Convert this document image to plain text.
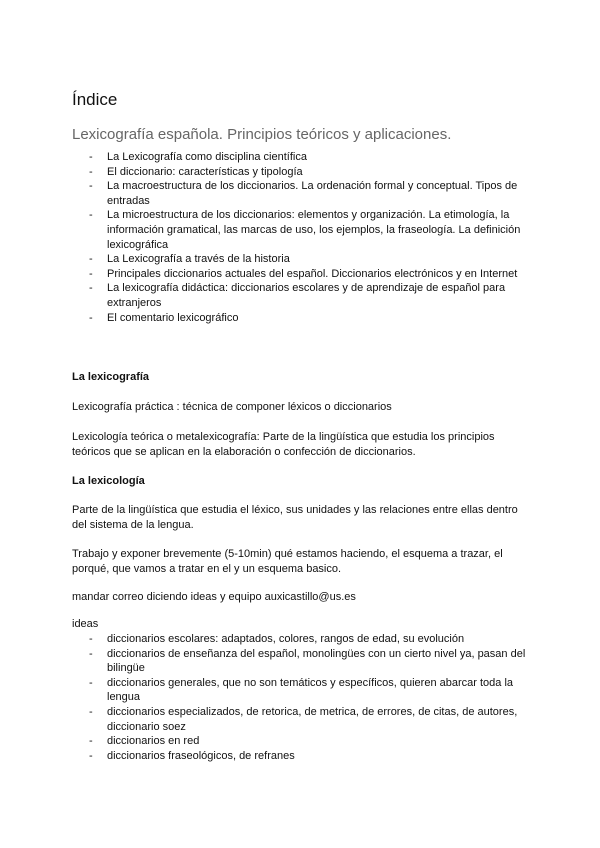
Índice
Lexicografía española. Principios teóricos y aplicaciones.
- La Lexicografía como disciplina científica
- El diccionario: características y tipología
- La macroestructura de los diccionarios. La ordenación formal y conceptual. Tipos de entradas
- La microestructura de los diccionarios: elementos y organización. La etimología, la información gramatical, las marcas de uso, los ejemplos, la fraseología. La definición lexicográfica
- La Lexicografía a través de la historia
- Principales diccionarios actuales del español. Diccionarios electrónicos y en Internet
- La lexicografía didáctica: diccionarios escolares y de aprendizaje de español para extranjeros
- El comentario lexicográfico
La lexicografía
Lexicografía práctica : técnica de componer léxicos o diccionarios
Lexicología teórica o metalexicografía: Parte de la lingüística que estudia los principios teóricos que se aplican en la elaboración o confección de diccionarios.
La lexicología
Parte de la lingüística que estudia el léxico, sus unidades y las relaciones entre ellas dentro del sistema de la lengua.
Trabajo y exponer brevemente (5-10min) qué estamos haciendo, el esquema a trazar, el porqué, que vamos a tratar en el y un esquema basico.
mandar correo diciendo ideas y equipo auxicastillo@us.es
ideas
- diccionarios escolares: adaptados, colores, rangos de edad, su evolución
- diccionarios de enseñanza del español, monolingües con un cierto nivel ya, pasan del bilingüe
- diccionarios generales, que no son temáticos y específicos, quieren abarcar toda la lengua
- diccionarios especializados, de retorica, de metrica, de errores, de citas, de autores, diccionario soez
- diccionarios en red
- diccionarios fraseológicos, de refranes
